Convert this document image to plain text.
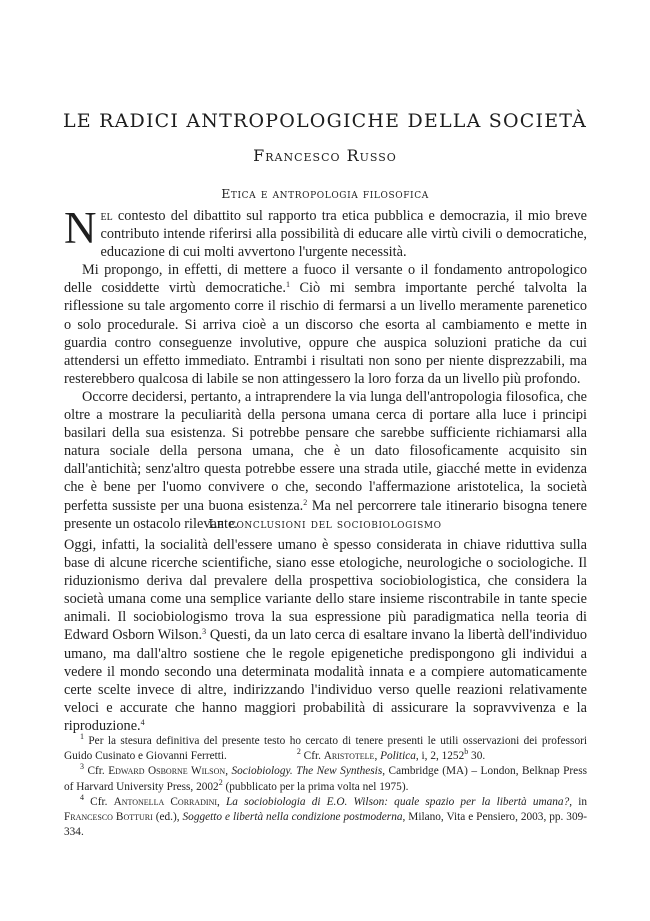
LE RADICI ANTROPOLOGICHE DELLA SOCIETÀ
Francesco Russo
Etica e antropologia filosofica

Nel contesto del dibattito sul rapporto tra etica pubblica e democrazia, il mio breve contributo intende riferirsi alla possibilità di educare alle virtù civili o democratiche, educazione di cui molti avvertono l'urgente necessità.

Mi propongo, in effetti, di mettere a fuoco il versante o il fondamento antropologico delle cosiddette virtù democratiche.$^1$ Ciò mi sembra importante perché talvolta la riflessione su tale argomento corre il rischio di fermarsi a un livello meramente parenetico o solo procedurale. Si arriva cioè a un discorso che esorta al cambiamento e mette in guardia contro conseguenze involutive, oppure che auspica soluzioni pratiche da cui attendersi un effetto immediato. Entrambi i risultati non sono per niente disprezzabili, ma resterebbero qualcosa di labile se non attingessero la loro forza da un livello più profondo.

Occorre decidersi, pertanto, a intraprendere la via lunga dell'antropologia filosofica, che oltre a mostrare la peculiarità della persona umana cerca di portare alla luce i principi basilari della sua esistenza. Si potrebbe pensare che sarebbe sufficiente richiamarsi alla natura sociale della persona umana, che è un dato filosoficamente acquisito sin dall'antichità; senz'altro questa potrebbe essere una strada utile, giacché mette in evidenza che è bene per l'uomo convivere o che, secondo l'affermazione aristotelica, la società perfetta sussiste per una buona esistenza.$^2$ Ma nel percorrere tale itinerario bisogna tenere presente un ostacolo rilevante.

Le conclusioni del sociobiologismo

Oggi, infatti, la socialità dell'essere umano è spesso considerata in chiave riduttiva sulla base di alcune ricerche scientifiche, siano esse etologiche, neurologiche o sociologiche. Il riduzionismo deriva dal prevalere della prospettiva sociobiologistica, che considera la società umana come una semplice variante dello stare insieme riscontrabile in tante specie animali. Il sociobiologismo trova la sua espressione più paradigmatica nella teoria di Edward Osborn Wilson.$^3$ Questi, da un lato cerca di esaltare invano la libertà dell'individuo umano, ma dall'altro sostiene che le regole epigenetiche predispongono gli individui a vedere il mondo secondo una determinata modalità innata e a compiere automaticamente certe scelte invece di altre, indirizzando l'individuo verso quelle reazioni relativamente veloci e accurate che hanno maggiori probabilità di assicurare la sopravvivenza e la riproduzione.$^4$

$^1$ Per la stesura definitiva del presente testo ho cercato di tenere presenti le utili osservazioni dei professori Guido Cusinato e Giovanni Ferretti.	$^2$ Cfr. Aristotele, Politica, i, 2, 1252$^b$ 30.

$^3$ Cfr. Edward Osborne Wilson, Sociobiology. The New Synthesis, Cambridge (MA) – London, Belknap Press of Harvard University Press, 2002$^2$ (pubblicato per la prima volta nel 1975).

$^4$ Cfr. Antonella Corradini, La sociobiologia di E.O. Wilson: quale spazio per la libertà umana?, in Francesco Botturi (ed.), Soggetto e libertà nella condizione postmoderna, Milano, Vita e Pensiero, 2003, pp. 309-334.
